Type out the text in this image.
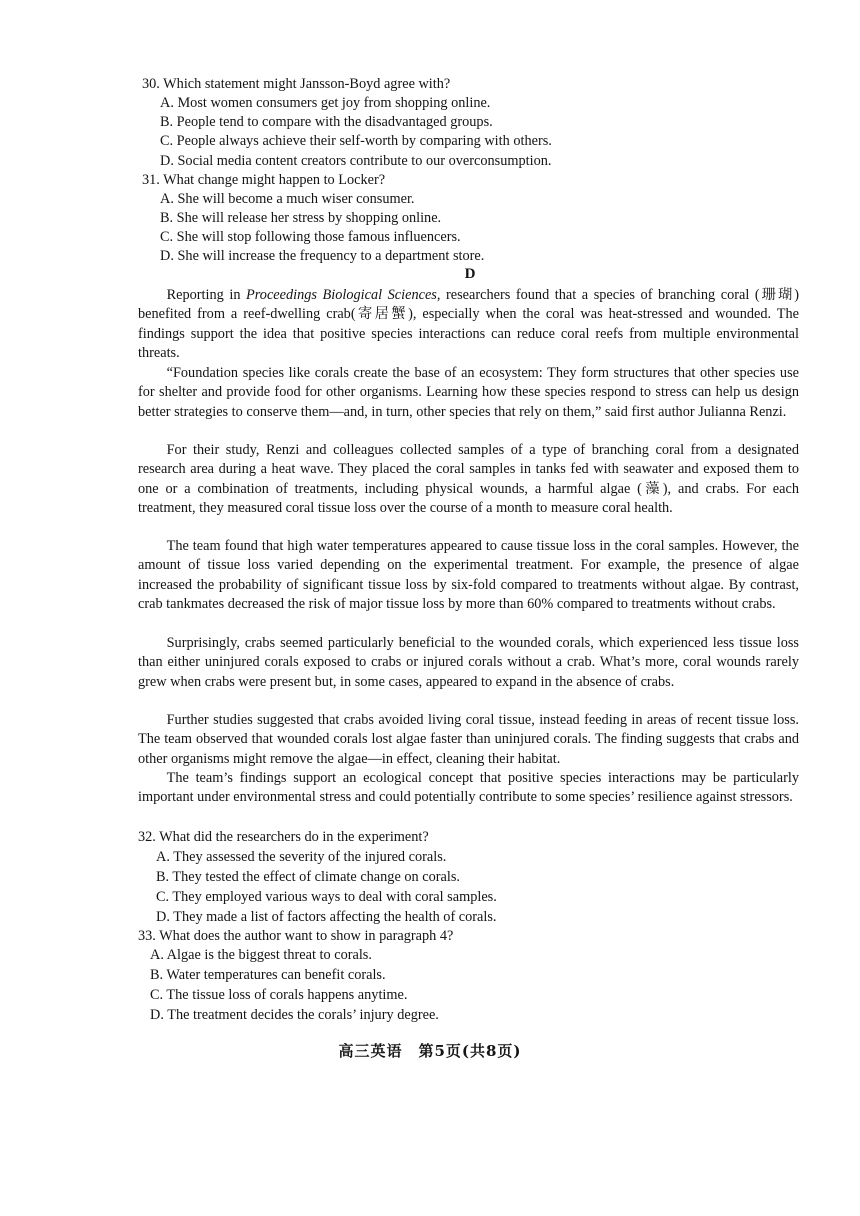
30. Which statement might Jansson-Boyd agree with?
A. Most women consumers get joy from shopping online.
B. People tend to compare with the disadvantaged groups.
C. People always achieve their self-worth by comparing with others.
D. Social media content creators contribute to our overconsumption.
31. What change might happen to Locker?
A. She will become a much wiser consumer.
B. She will release her stress by shopping online.
C. She will stop following those famous influencers.
D. She will increase the frequency to a department store.
D
Reporting in Proceedings Biological Sciences, researchers found that a species of branching coral (珊瑚) benefited from a reef-dwelling crab(寄居蟹), especially when the coral was heat-stressed and wounded. The findings support the idea that positive species interactions can reduce coral reefs from multiple environmental threats.
“Foundation species like corals create the base of an ecosystem: They form structures that other species use for shelter and provide food for other organisms. Learning how these species respond to stress can help us design better strategies to conserve them—and, in turn, other species that rely on them,” said first author Julianna Renzi.
For their study, Renzi and colleagues collected samples of a type of branching coral from a designated research area during a heat wave. They placed the coral samples in tanks fed with seawater and exposed them to one or a combination of treatments, including physical wounds, a harmful algae (藻), and crabs. For each treatment, they measured coral tissue loss over the course of a month to measure coral health.
The team found that high water temperatures appeared to cause tissue loss in the coral samples. However, the amount of tissue loss varied depending on the experimental treatment. For example, the presence of algae increased the probability of significant tissue loss by six-fold compared to treatments without algae. By contrast, crab tankmates decreased the risk of major tissue loss by more than 60% compared to treatments without crabs.
Surprisingly, crabs seemed particularly beneficial to the wounded corals, which experienced less tissue loss than either uninjured corals exposed to crabs or injured corals without a crab. What’s more, coral wounds rarely grew when crabs were present but, in some cases, appeared to expand in the absence of crabs.
Further studies suggested that crabs avoided living coral tissue, instead feeding in areas of recent tissue loss. The team observed that wounded corals lost algae faster than uninjured corals. The finding suggests that crabs and other organisms might remove the algae—in effect, cleaning their habitat.
The team’s findings support an ecological concept that positive species interactions may be particularly important under environmental stress and could potentially contribute to some species’ resilience against stressors.
32. What did the researchers do in the experiment?
A. They assessed the severity of the injured corals.
B. They tested the effect of climate change on corals.
C. They employed various ways to deal with coral samples.
D. They made a list of factors affecting the health of corals.
33. What does the author want to show in paragraph 4?
A. Algae is the biggest threat to corals.
B. Water temperatures can benefit corals.
C. The tissue loss of corals happens anytime.
D. The treatment decides the corals’ injury degree.
高三英语　第5页(共8页)
